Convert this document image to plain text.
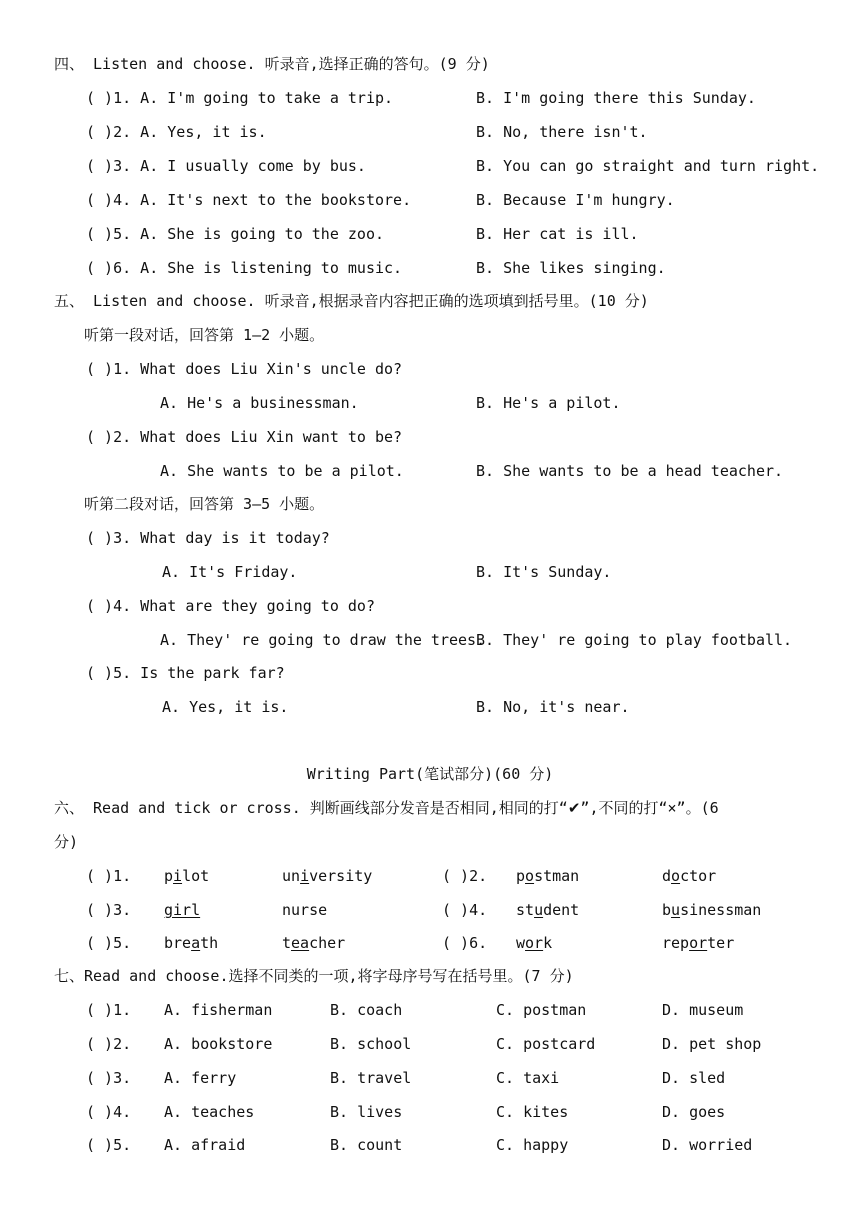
四、 Listen and choose. 听录音,选择正确的答句。(9 分)
( )1. A. I'm going to take a trip.	B. I'm going there this Sunday.
( )2. A. Yes, it is.	B. No, there isn't.
( )3. A. I usually come by bus.	B. You can go straight and turn right.
( )4. A. It's next to the bookstore.	B. Because I'm hungry.
( )5. A. She is going to the zoo.	B. Her cat is ill.
( )6. A. She is listening to music.	B. She likes singing.
五、 Listen and choose. 听录音,根据录音内容把正确的选项填到括号里。(10 分)
听第一段对话，回答第 1—2 小题。
( )1. What does Liu Xin's uncle do?
A. He's a businessman.	B. He's a pilot.
( )2. What does Liu Xin want to be?
A. She wants to be a pilot.	B. She wants to be a head teacher.
听第二段对话，回答第 3—5 小题。
( )3. What day is it today?
A. It's Friday.	B. It's Sunday.
( )4. What are they going to do?
A. They' re going to draw the trees.
B. They' re going to play football.
( )5. Is the park far?
A. Yes, it is.	B. No, it's near.
Writing Part(笔试部分)(60 分)
六、 Read and tick or cross. 判断画线部分发音是否相同,相同的打“✔”,不同的打“×”。(6
分)
( )1. pilot	university	( )2. postman	doctor
( )3. girl	nurse	( )4. student	businessman
( )5. breath	teacher	( )6. work	reporter
七、Read and choose.选择不同类的一项,将字母序号写在括号里。(7 分)
( )1. A. fisherman	B. coach	C. postman	D. museum
( )2. A. bookstore	B. school	C. postcard	D. pet shop
( )3. A. ferry	B. travel	C. taxi	D. sled
( )4. A. teaches	B. lives	C. kites	D. goes
( )5. A. afraid	B. count	C. happy	D. worried
